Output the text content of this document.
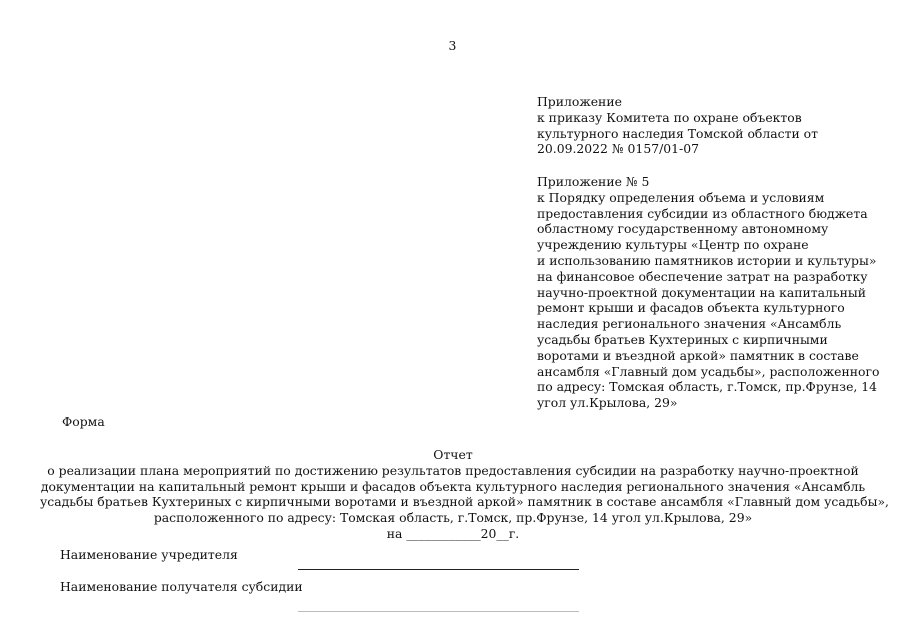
3
Приложение
к приказу Комитета по охране объектов
культурного наследия Томской области от
20.09.2022 № 0157/01-07
Приложение № 5
к Порядку определения объема и условиям
предоставления субсидии из областного бюджета
областному государственному автономному
учреждению культуры «Центр по охране
и использованию памятников истории и культуры»
на финансовое обеспечение затрат на разработку
научно-проектной документации на капитальный
ремонт крыши и фасадов объекта культурного
наследия регионального значения «Ансамбль
усадьбы братьев Кухтериных с кирпичными
воротами и въездной аркой» памятник в составе
ансамбля «Главный дом усадьбы», расположенного
по адресу: Томская область, г.Томск, пр.Фрунзе, 14
угол ул.Крылова, 29»
Форма
Отчет
о реализации плана мероприятий по достижению результатов предоставления субсидии на разработку научно-проектной
документации на капитальный ремонт крыши и фасадов объекта культурного наследия регионального значения «Ансамбль
усадьбы братьев Кухтериных с кирпичными воротами и въездной аркой» памятник в составе ансамбля «Главный дом усадьбы»,
расположенного по адресу: Томская область, г.Томск, пр.Фрунзе, 14 угол ул.Крылова, 29»
на ____________20__г.
Наименование учредителя
Наименование получателя субсидии
